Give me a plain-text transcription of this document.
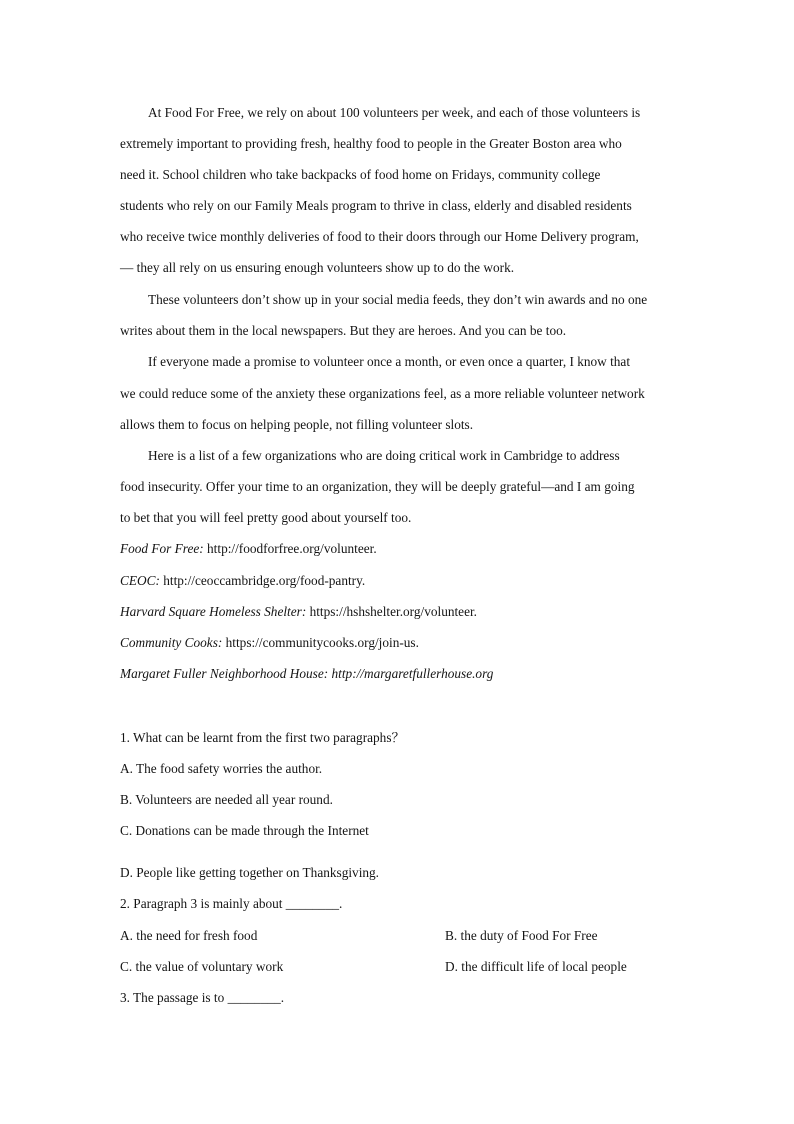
At Food For Free, we rely on about 100 volunteers per week, and each of those volunteers is
extremely important to providing fresh, healthy food to people in the Greater Boston area who
need it. School children who take backpacks of food home on Fridays, community college
students who rely on our Family Meals program to thrive in class, elderly and disabled residents
who receive twice monthly deliveries of food to their doors through our Home Delivery program,
— they all rely on us ensuring enough volunteers show up to do the work.
These volunteers don’t show up in your social media feeds, they don’t win awards and no one
writes about them in the local newspapers. But they are heroes. And you can be too.
If everyone made a promise to volunteer once a month, or even once a quarter, I know that
we could reduce some of the anxiety these organizations feel, as a more reliable volunteer network
allows them to focus on helping people, not filling volunteer slots.
Here is a list of a few organizations who are doing critical work in Cambridge to address
food insecurity. Offer your time to an organization, they will be deeply grateful—and I am going
to bet that you will feel pretty good about yourself too.
Food For Free: http://foodforfree.org/volunteer.
CEOC: http://ceoccambridge.org/food-pantry.
Harvard Square Homeless Shelter: https://hshshelter.org/volunteer.
Community Cooks: https://communitycooks.org/join-us.
Margaret Fuller Neighborhood House: http://margaretfullerhouse.org
1. What can be learnt from the first two paragraphs？
A. The food safety worries the author.
B. Volunteers are needed all year round.
C. Donations can be made through the Internet
D. People like getting together on Thanksgiving.
2. Paragraph 3 is mainly about ________.
A. the need for fresh food	B. the duty of Food For Free
C. the value of voluntary work	D. the difficult life of local people
3. The passage is to ________.
